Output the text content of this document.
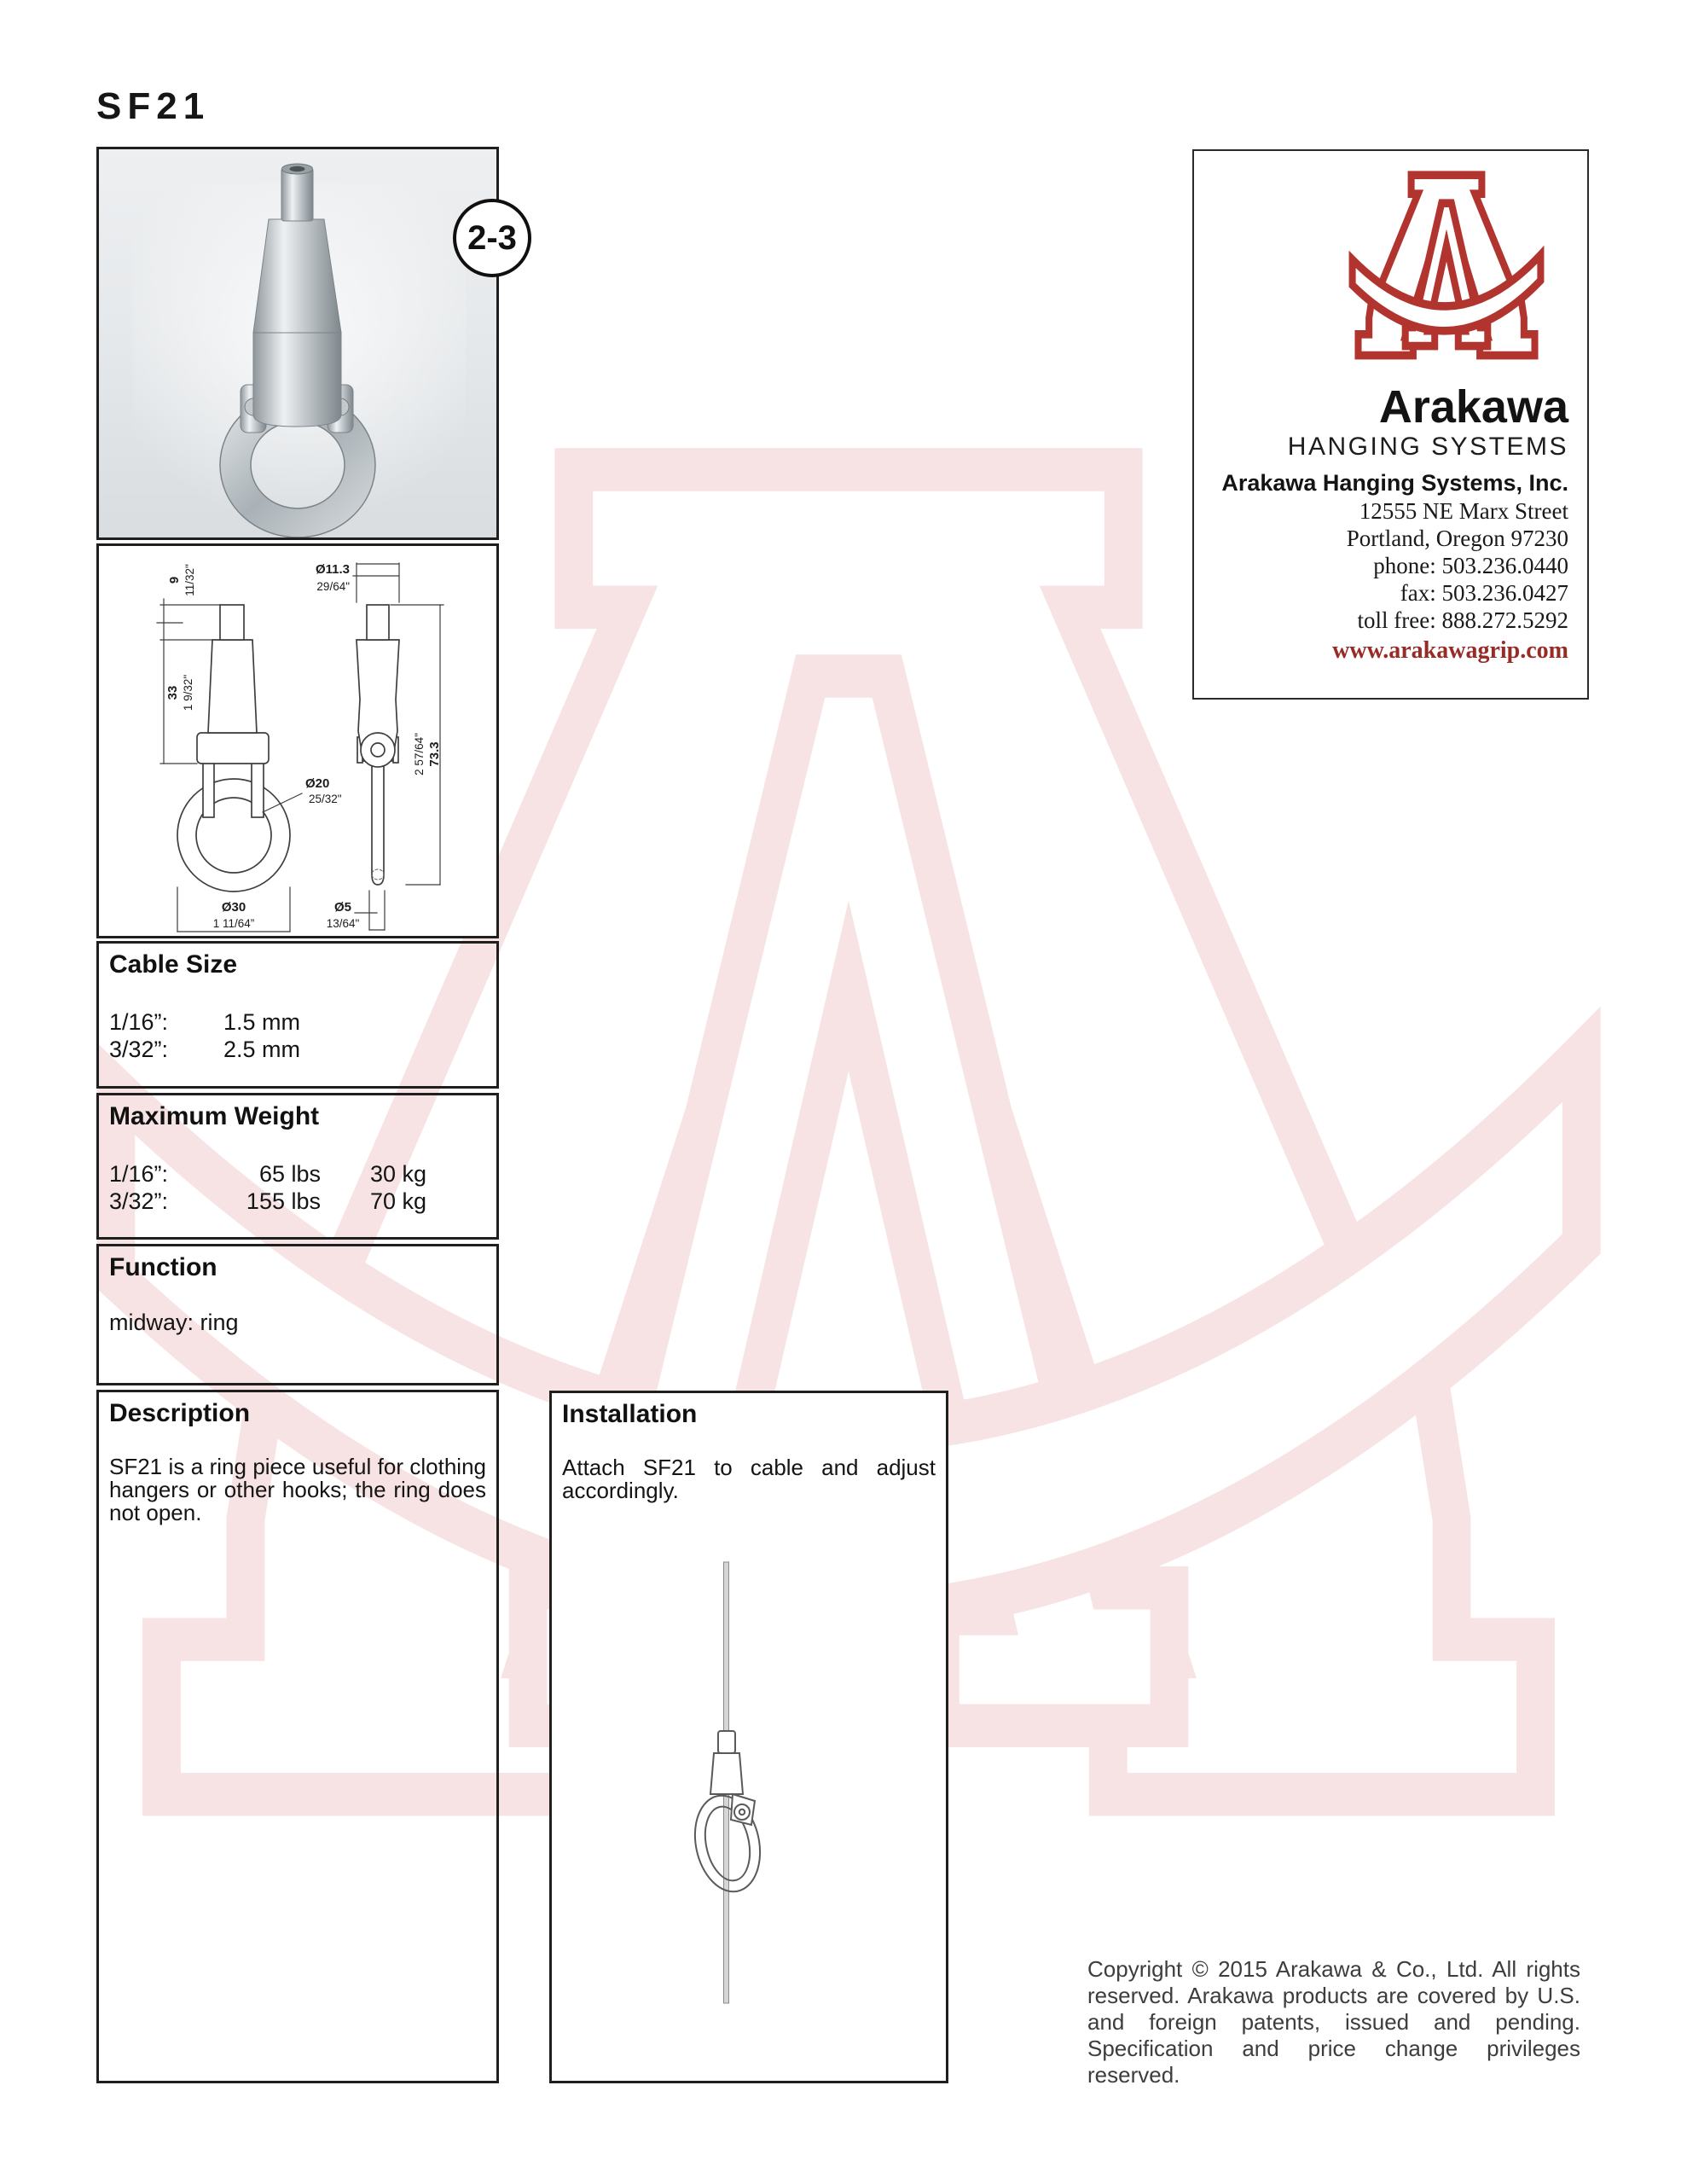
SF21
2-3
9 11/32"
33 1 9/32"
Ø20
25/32"
Ø30
1 11/64”
Ø11.3
29/64"
2 57/64" 73.3
Ø5
13/64"
Cable Size
1/16”:	1.5 mm
3/32”:	2.5 mm
Maximum Weight
1/16”:	65 lbs	30 kg
3/32”:	155 lbs	70 kg
Function
midway: ring
Description
SF21 is a ring piece useful for clothing hangers or other hooks; the ring does not open.
Installation
Attach SF21 to cable and adjust accordingly.
Arakawa
HANGING SYSTEMS
Arakawa Hanging Systems, Inc.
12555 NE Marx Street
Portland, Oregon 97230
phone: 503.236.0440
fax: 503.236.0427
toll free: 888.272.5292
www.arakawagrip.com
Copyright © 2015 Arakawa & Co., Ltd. All rights reserved. Arakawa products are covered by U.S. and foreign patents, issued and pending. Specification and price change privileges reserved.
